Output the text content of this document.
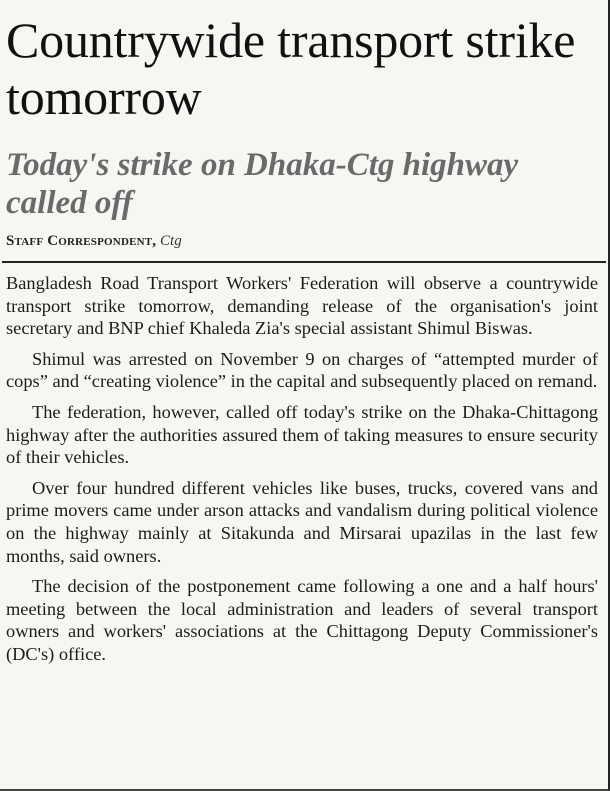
Countrywide transport strike tomorrow
Today's strike on Dhaka-Ctg highway called off
Staff Correspondent, Ctg

Bangladesh Road Transport Workers' Federation will observe a countrywide transport strike tomorrow, demanding release of the organisation's joint secretary and BNP chief Khaleda Zia's special assistant Shimul Biswas.

Shimul was arrested on November 9 on charges of “attempted murder of cops” and “creating violence” in the capital and subsequently placed on remand.

The federation, however, called off today's strike on the Dhaka-Chittagong highway after the authorities assured them of taking measures to ensure security of their vehicles.

Over four hundred different vehicles like buses, trucks, covered vans and prime movers came under arson attacks and vandalism during political violence on the highway mainly at Sitakunda and Mirsarai upazilas in the last few months, said owners.

The decision of the postponement came following a one and a half hours' meeting between the local administration and leaders of several transport owners and workers' associations at the Chittagong Deputy Commissioner's (DC's) office.
